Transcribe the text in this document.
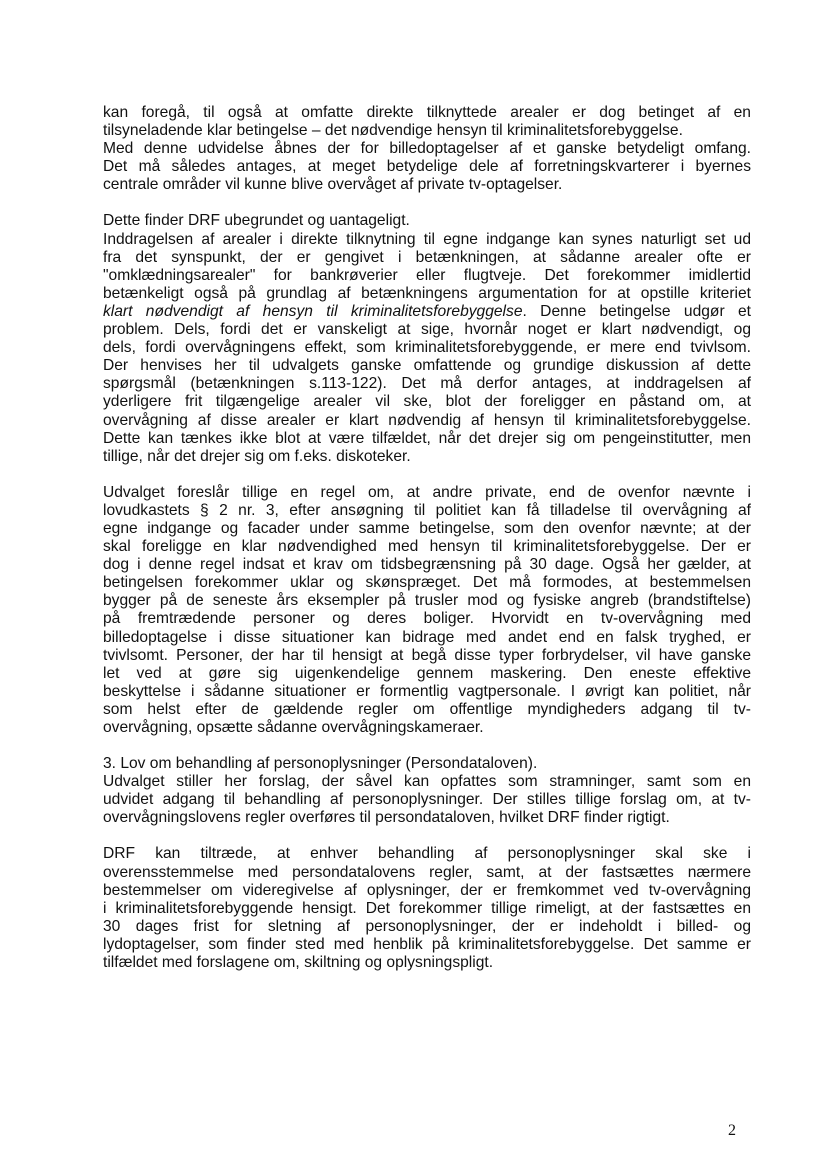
kan foregå, til også at omfatte direkte tilknyttede arealer er dog betinget af en
tilsyneladende klar betingelse – det nødvendige hensyn til kriminalitetsforebyggelse.
Med denne udvidelse åbnes der for billedoptagelser af et ganske betydeligt omfang.
Det må således antages, at meget betydelige dele af forretningskvarterer i byernes
centrale områder vil kunne blive overvåget af private tv-optagelser.
Dette finder DRF ubegrundet og uantageligt.
Inddragelsen af arealer i direkte tilknytning til egne indgange kan synes naturligt set ud
fra det synspunkt, der er gengivet i betænkningen, at sådanne arealer ofte er
"omklædningsarealer" for bankrøverier eller flugtveje. Det forekommer imidlertid
betænkeligt også på grundlag af betænkningens argumentation for at opstille kriteriet
klart nødvendigt af hensyn til kriminalitetsforebyggelse. Denne betingelse udgør et
problem. Dels, fordi det er vanskeligt at sige, hvornår noget er klart nødvendigt, og
dels, fordi overvågningens effekt, som kriminalitetsforebyggende, er mere end tvivlsom.
Der henvises her til udvalgets ganske omfattende og grundige diskussion af dette
spørgsmål (betænkningen s.113-122). Det må derfor antages, at inddragelsen af
yderligere frit tilgængelige arealer vil ske, blot der foreligger en påstand om, at
overvågning af disse arealer er klart nødvendig af hensyn til kriminalitetsforebyggelse.
Dette kan tænkes ikke blot at være tilfældet, når det drejer sig om pengeinstitutter, men
tillige, når det drejer sig om f.eks. diskoteker.
Udvalget foreslår tillige en regel om, at andre private, end de ovenfor nævnte i
lovudkastets § 2 nr. 3, efter ansøgning til politiet kan få tilladelse til overvågning af
egne indgange og facader under samme betingelse, som den ovenfor nævnte; at der
skal foreligge en klar nødvendighed med hensyn til kriminalitetsforebyggelse. Der er
dog i denne regel indsat et krav om tidsbegrænsning på 30 dage. Også her gælder, at
betingelsen forekommer uklar og skønspræget. Det må formodes, at bestemmelsen
bygger på de seneste års eksempler på trusler mod og fysiske angreb (brandstiftelse)
på fremtrædende personer og deres boliger. Hvorvidt en tv-overvågning med
billedoptagelse i disse situationer kan bidrage med andet end en falsk tryghed, er
tvivlsomt. Personer, der har til hensigt at begå disse typer forbrydelser, vil have ganske
let ved at gøre sig uigenkendelige gennem maskering. Den eneste effektive
beskyttelse i sådanne situationer er formentlig vagtpersonale. I øvrigt kan politiet, når
som helst efter de gældende regler om offentlige myndigheders adgang til tv-
overvågning, opsætte sådanne overvågningskameraer.
3. Lov om behandling af personoplysninger (Persondataloven).
Udvalget stiller her forslag, der såvel kan opfattes som stramninger, samt som en
udvidet adgang til behandling af personoplysninger. Der stilles tillige forslag om, at tv-
overvågningslovens regler overføres til persondataloven, hvilket DRF finder rigtigt.
DRF kan tiltræde, at enhver behandling af personoplysninger skal ske i
overensstemmelse med persondatalovens regler, samt, at der fastsættes nærmere
bestemmelser om videregivelse af oplysninger, der er fremkommet ved tv-overvågning
i kriminalitetsforebyggende hensigt. Det forekommer tillige rimeligt, at der fastsættes en
30 dages frist for sletning af personoplysninger, der er indeholdt i billed- og
lydoptagelser, som finder sted med henblik på kriminalitetsforebyggelse. Det samme er
tilfældet med forslagene om, skiltning og oplysningspligt.
2
